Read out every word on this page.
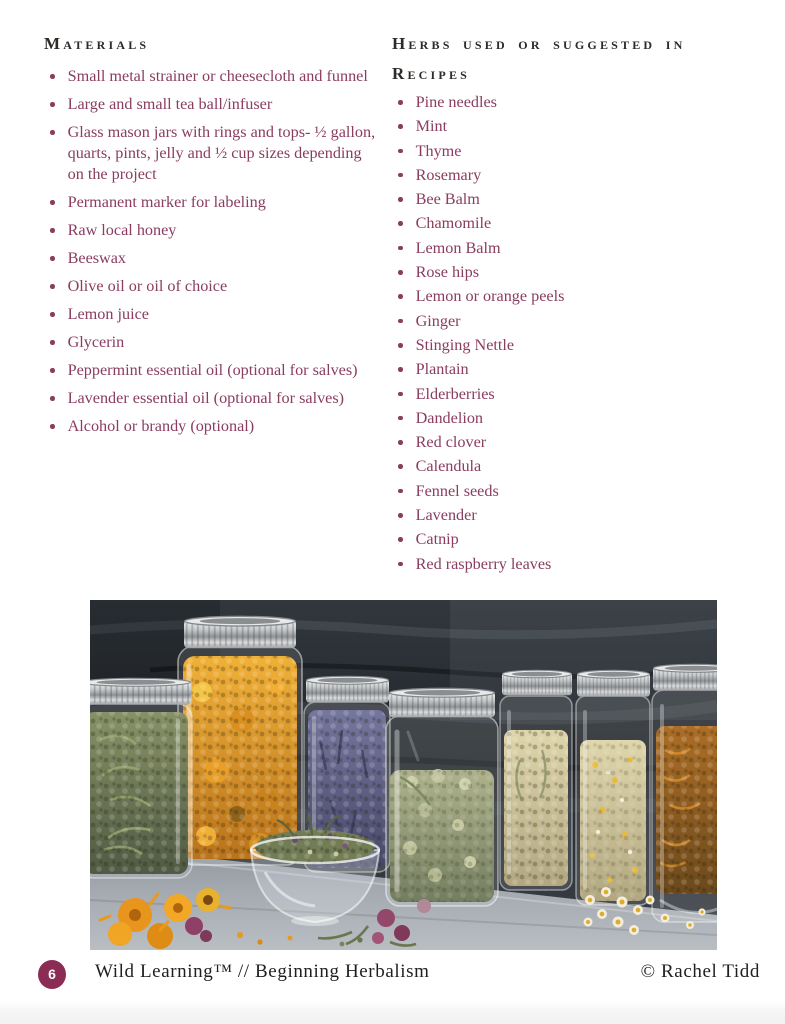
Materials
Small metal strainer or cheesecloth and funnel
Large and small tea ball/infuser
Glass mason jars with rings and tops- ½ gallon, quarts, pints, jelly and ½ cup sizes depending on the project
Permanent marker for labeling
Raw local honey
Beeswax
Olive oil or oil of choice
Lemon juice
Glycerin
Peppermint essential oil (optional for salves)
Lavender essential oil (optional for salves)
Alcohol or brandy (optional)
Herbs used or suggested in
Recipes
Pine needles
Mint
Thyme
Rosemary
Bee Balm
Chamomile
Lemon Balm
Rose hips
Lemon or orange peels
Ginger
Stinging Nettle
Plantain
Elderberries
Dandelion
Red clover
Calendula
Fennel seeds
Lavender
Catnip
Red raspberry leaves
6	Wild Learning™ // Beginning Herbalism	© Rachel Tidd
